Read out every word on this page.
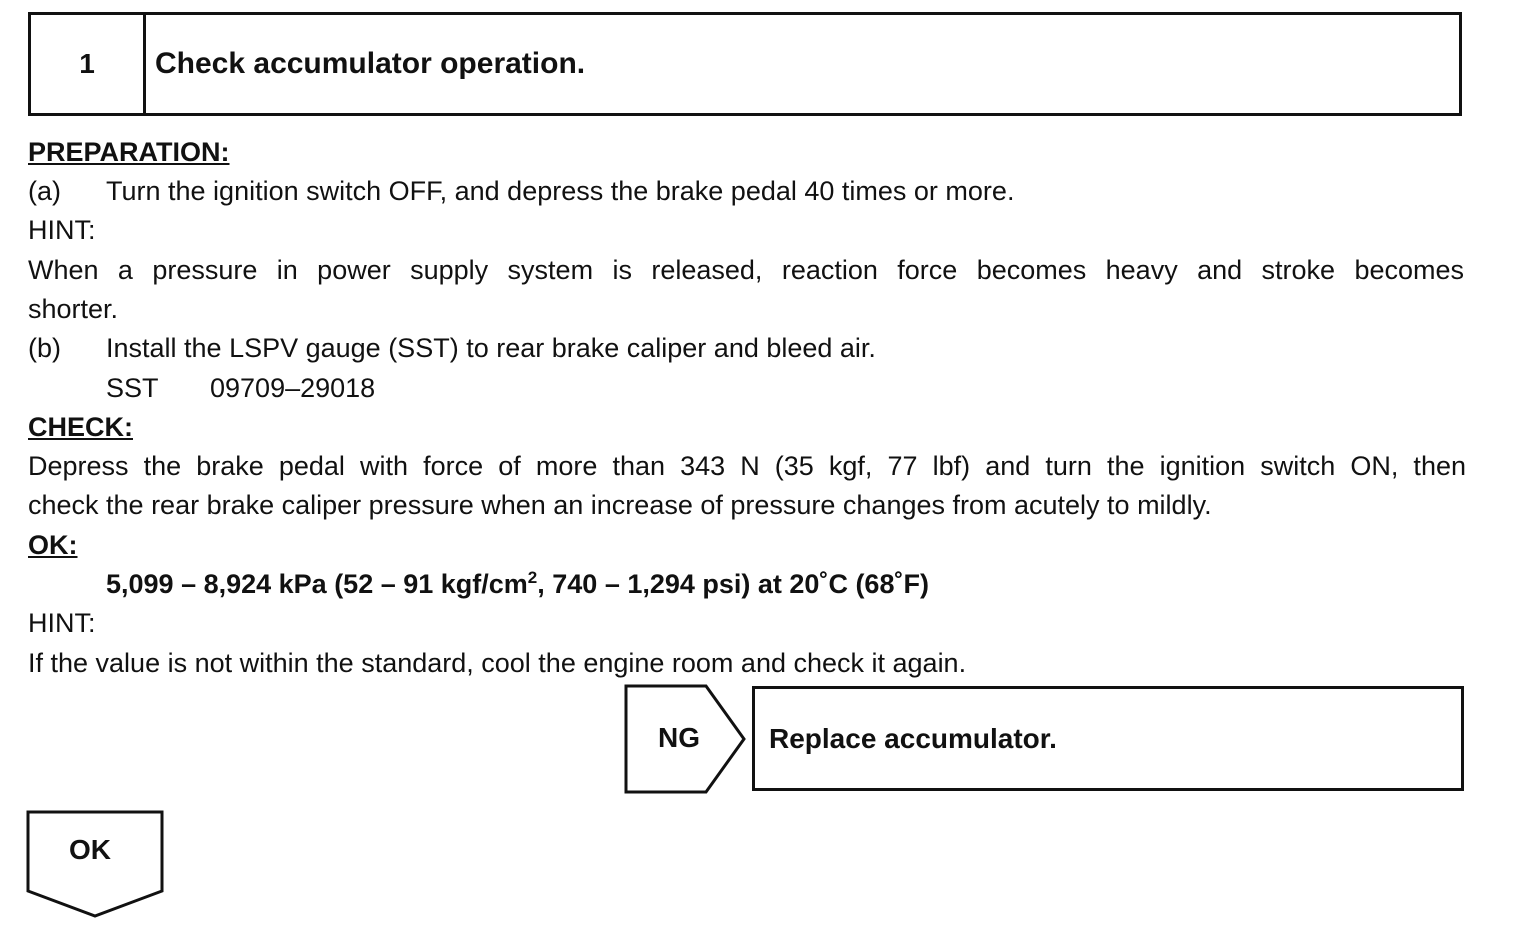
1	Check accumulator operation.
PREPARATION:
(a) Turn the ignition switch OFF, and depress the brake pedal 40 times or more.
HINT:
When a pressure in power supply system is released, reaction force becomes heavy and stroke becomes
shorter.
(b) Install the LSPV gauge (SST) to rear brake caliper and bleed air.
SST 09709–29018
CHECK:
Depress the brake pedal with force of more than 343 N (35 kgf, 77 lbf) and turn the ignition switch ON, then
check the rear brake caliper pressure when an increase of pressure changes from acutely to mildly.
OK:
5,099 – 8,924 kPa (52 – 91 kgf/$cm^2$, 740 – 1,294 psi) at 20˚C (68˚F)
HINT:
If the value is not within the standard, cool the engine room and check it again.
NG Replace accumulator.
OK
